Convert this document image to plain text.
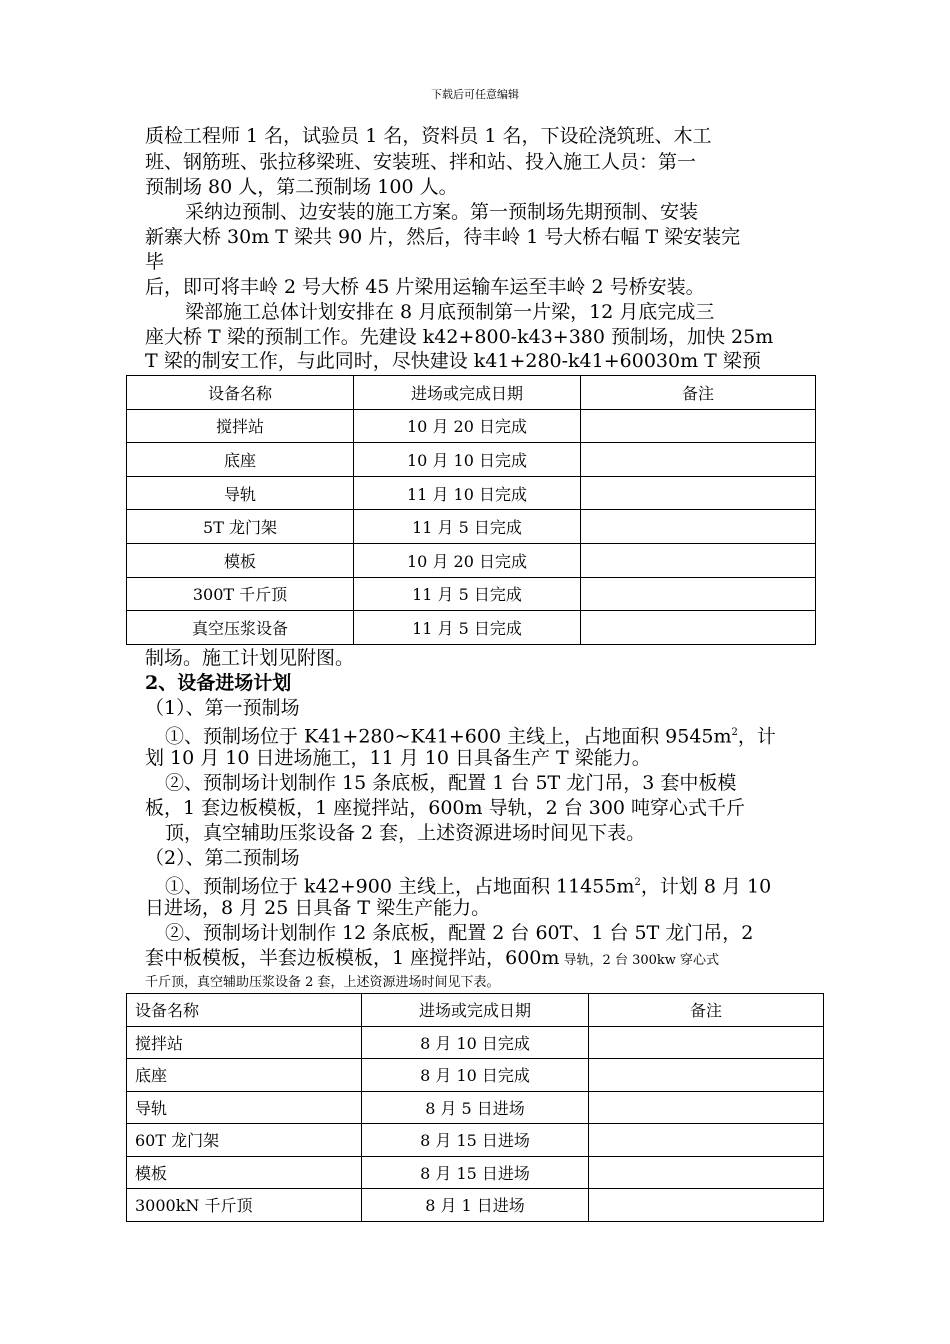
下载后可任意编辑
质检工程师 1 名，试验员 1 名，资料员 1 名，下设砼浇筑班、木工
班、钢筋班、张拉移梁班、安装班、拌和站、投入施工人员：第一
预制场 80 人，第二预制场 100 人。
采纳边预制、边安装的施工方案。第一预制场先期预制、安装
新寨大桥 30m T 梁共 90 片，然后，待丰岭 1 号大桥右幅 T 梁安装完
毕
后，即可将丰岭 2 号大桥 45 片梁用运输车运至丰岭 2 号桥安装。
梁部施工总体计划安排在 8 月底预制第一片梁，12 月底完成三
座大桥 T 梁的预制工作。先建设 k42+800-k43+380 预制场，加快 25m
T 梁的制安工作，与此同时，尽快建设 k41+280-k41+60030m T 梁预
设备名称	进场或完成日期	备注
搅拌站	10 月 20 日完成	
底座	10 月 10 日完成	
导轨	11 月 10 日完成	
5T 龙门架	11 月 5 日完成	
模板	10 月 20 日完成	
300T 千斤顶	11 月 5 日完成	
真空压浆设备	11 月 5 日完成	
制场。施工计划见附图。
2、设备进场计划
（1）、第一预制场
①、预制场位于 K41+280~K41+600 主线上，占地面积 $9545m^2$，计
划 10 月 10 日进场施工，11 月 10 日具备生产 T 梁能力。
②、预制场计划制作 15 条底板，配置 1 台 5T 龙门吊，3 套中板模
板，1 套边板模板，1 座搅拌站，600m 导轨，2 台 300 吨穿心式千斤
顶，真空辅助压浆设备 2 套，上述资源进场时间见下表。
（2）、第二预制场
①、预制场位于 k42+900 主线上，占地面积 $11455m^2$，计划 8 月 10
日进场，8 月 25 日具备 T 梁生产能力。
②、预制场计划制作 12 条底板，配置 2 台 60T、1 台 5T 龙门吊，2
套中板模板，半套边板模板，1 座搅拌站，600m 导轨，2 台 300kw 穿心式
千斤顶，真空辅助压浆设备 2 套，上述资源进场时间见下表。
设备名称	进场或完成日期	备注
搅拌站	8 月 10 日完成	
底座	8 月 10 日完成	
导轨	8 月 5 日进场	
60T 龙门架	8 月 15 日进场	
模板	8 月 15 日进场	
3000kN 千斤顶	8 月 1 日进场	
